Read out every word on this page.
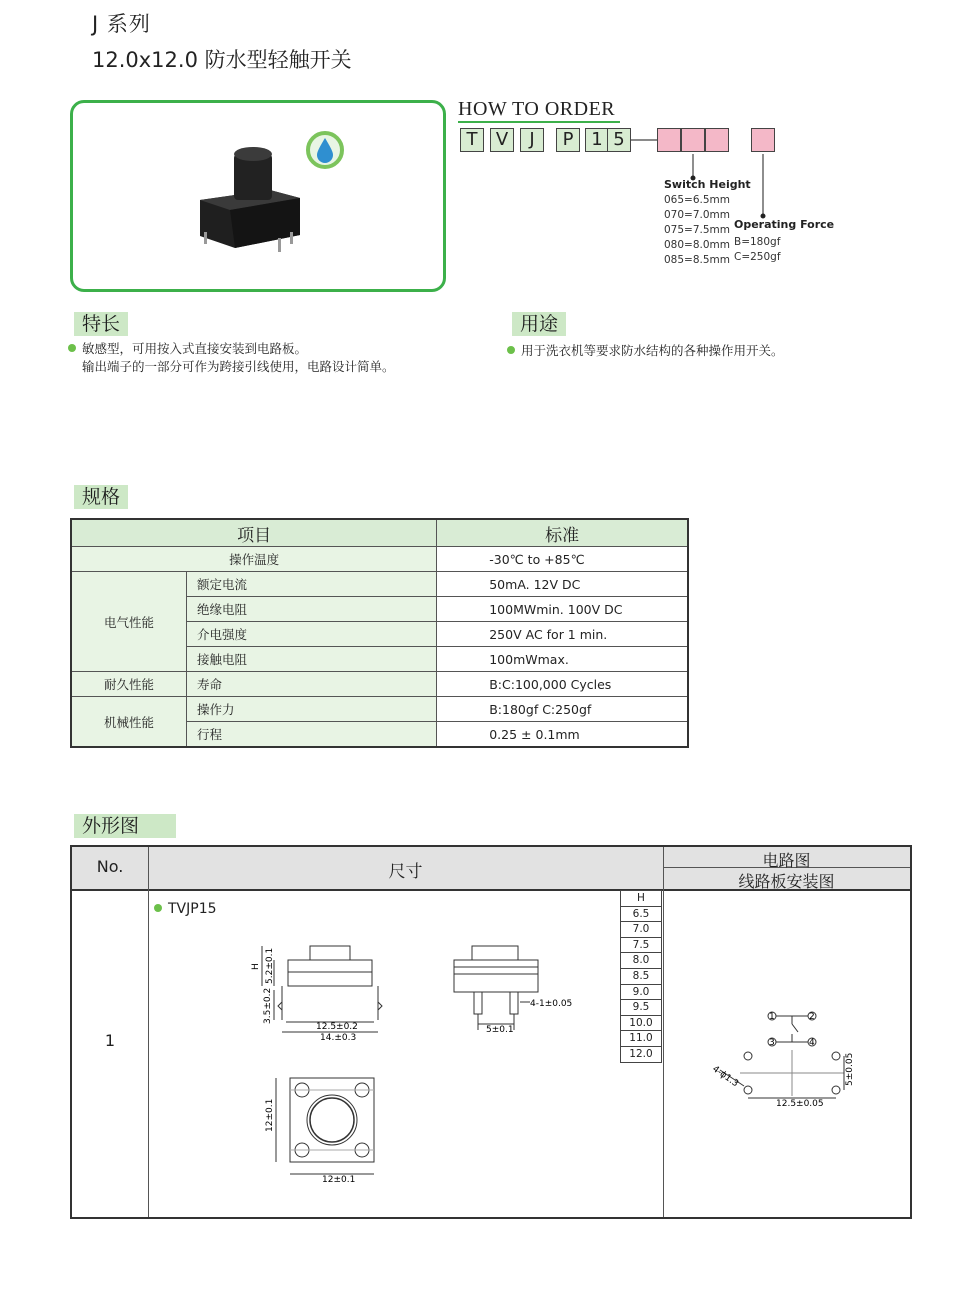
J 系列
12.0x12.0 防水型轻触开关
HOW TO ORDER
T	V	J	P 1 5
Switch Height
065=6.5mm
070=7.0mm
075=7.5mm
080=8.0mm
085=8.5mm
Operating Force
B=180gf
C=250gf
特长
敏感型，可用按入式直接安装到电路板。
输出端子的一部分可作为跨接引线使用，电路设计简单。
用途
用于洗衣机等要求防水结构的各种操作用开关。
规格
项目		标准
操作温度		-30℃ to +85℃
电气性能	额定电流	50mA. 12V DC
	绝缘电阻	100MWmin. 100V DC
	介电强度	250V AC for 1 min.
	接触电阻	100mWmax.
耐久性能	寿命	B:C:100,000 Cycles
机械性能	操作力	B:180gf C:250gf
	行程	0.25 ± 0.1mm
外形图
No.	尺寸
电路图
线路板安装图
1
TVJP15
H
6.5
7.0
7.5
8.0
8.5
9.0
9.5
10.0
11.0
12.0
H 5.2±0.1
3.5±0.2
12.5±0.2
14.±0.3
4-1±0.05
5±0.1
12±0.1
12±0.1
1	2
3	4
12.5±0.05
5±0.05
4-ϕ1.3
